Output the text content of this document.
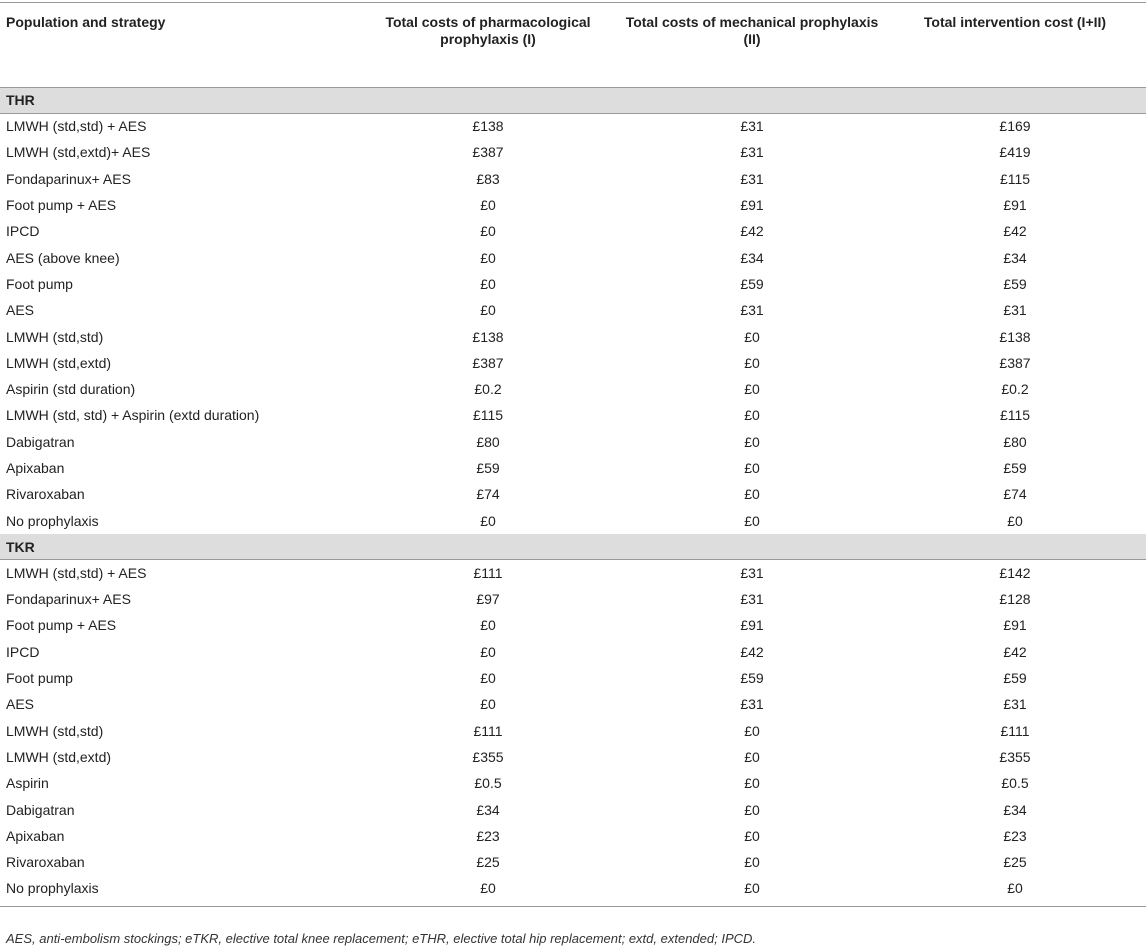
Population and strategy	Total costs of pharmacological prophylaxis (I)	Total costs of mechanical prophylaxis (II)	Total intervention cost (I+II)
THR			
LMWH (std,std) + AES	£138	£31	£169
LMWH (std,extd)+ AES	£387	£31	£419
Fondaparinux+ AES	£83	£31	£115
Foot pump + AES	£0	£91	£91
IPCD	£0	£42	£42
AES (above knee)	£0	£34	£34
Foot pump	£0	£59	£59
AES	£0	£31	£31
LMWH (std,std)	£138	£0	£138
LMWH (std,extd)	£387	£0	£387
Aspirin (std duration)	£0.2	£0	£0.2
LMWH (std, std) + Aspirin (extd duration)	£115	£0	£115
Dabigatran	£80	£0	£80
Apixaban	£59	£0	£59
Rivaroxaban	£74	£0	£74
No prophylaxis	£0	£0	£0
TKR			
LMWH (std,std) + AES	£111	£31	£142
Fondaparinux+ AES	£97	£31	£128
Foot pump + AES	£0	£91	£91
IPCD	£0	£42	£42
Foot pump	£0	£59	£59
AES	£0	£31	£31
LMWH (std,std)	£111	£0	£111
LMWH (std,extd)	£355	£0	£355
Aspirin	£0.5	£0	£0.5
Dabigatran	£34	£0	£34
Apixaban	£23	£0	£23
Rivaroxaban	£25	£0	£25
No prophylaxis	£0	£0	£0
AES, anti-embolism stockings; eTKR, elective total knee replacement; eTHR, elective total hip replacement; extd, extended; IPCD.
